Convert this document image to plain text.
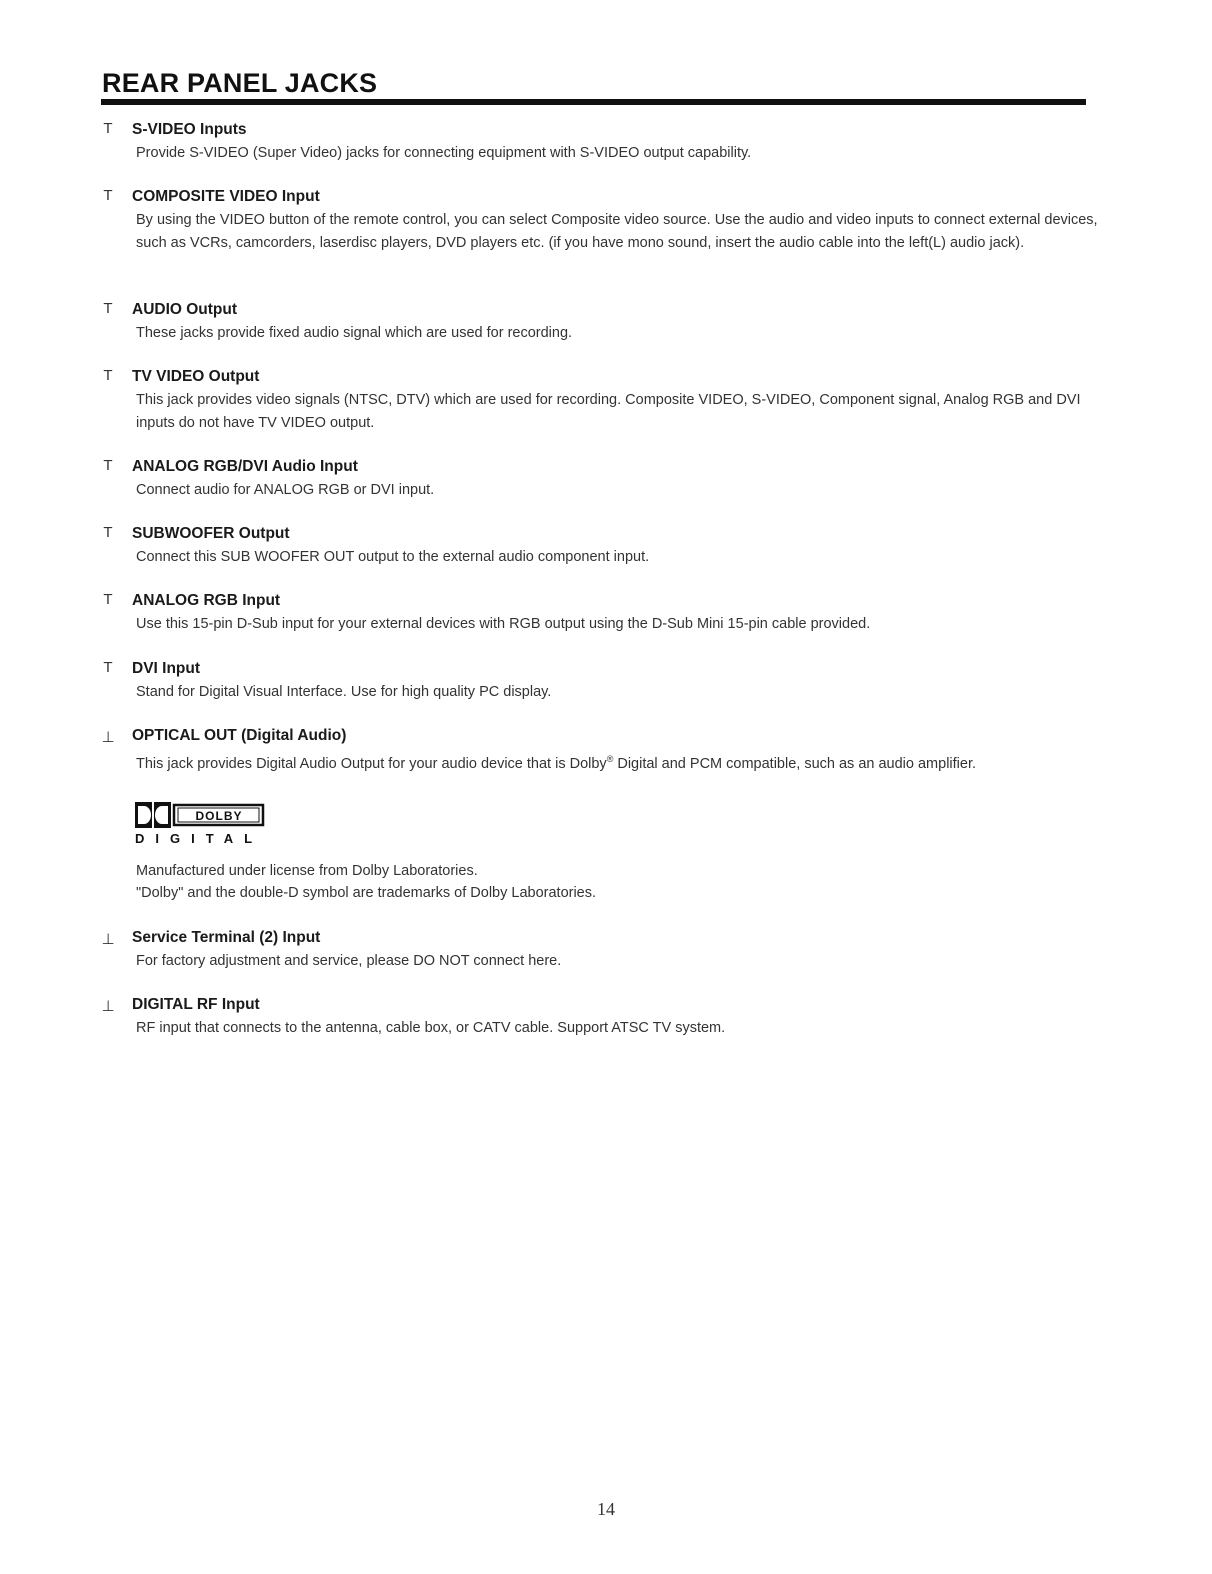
REAR PANEL JACKS
T S-VIDEO Inputs
Provide S-VIDEO (Super Video) jacks for connecting equipment with S-VIDEO output capability.
T COMPOSITE VIDEO Input
By using the VIDEO button of the remote control, you can select Composite video source. Use the audio and video inputs to connect external devices, such as VCRs, camcorders, laserdisc players, DVD players etc. (if you have mono sound, insert the audio cable into the left(L) audio jack).
T AUDIO Output
These jacks provide fixed audio signal which are used for recording.
T TV VIDEO Output
This jack provides video signals (NTSC, DTV) which are used for recording. Composite VIDEO, S-VIDEO, Component signal, Analog RGB and DVI inputs do not have TV VIDEO output.
T ANALOG RGB/DVI Audio Input
Connect audio for ANALOG RGB or DVI input.
T SUBWOOFER Output
Connect this SUB WOOFER OUT output to the external audio component input.
T ANALOG RGB Input
Use this 15-pin D-Sub input for your external devices with RGB output using the D-Sub Mini 15-pin cable provided.
T DVI Input
Stand for Digital Visual Interface. Use for high quality PC display.
⊥ OPTICAL OUT (Digital Audio)
This jack provides Digital Audio Output for your audio device that is Dolby® Digital and PCM compatible, such as an audio amplifier.
DOLBY
DIGITAL
Manufactured under license from Dolby Laboratories.
"Dolby" and the double-D symbol are trademarks of Dolby Laboratories.
⊥ Service Terminal (2) Input
For factory adjustment and service, please DO NOT connect here.
⊥ DIGITAL RF Input
RF input that connects to the antenna, cable box, or CATV cable. Support ATSC TV system.
14
